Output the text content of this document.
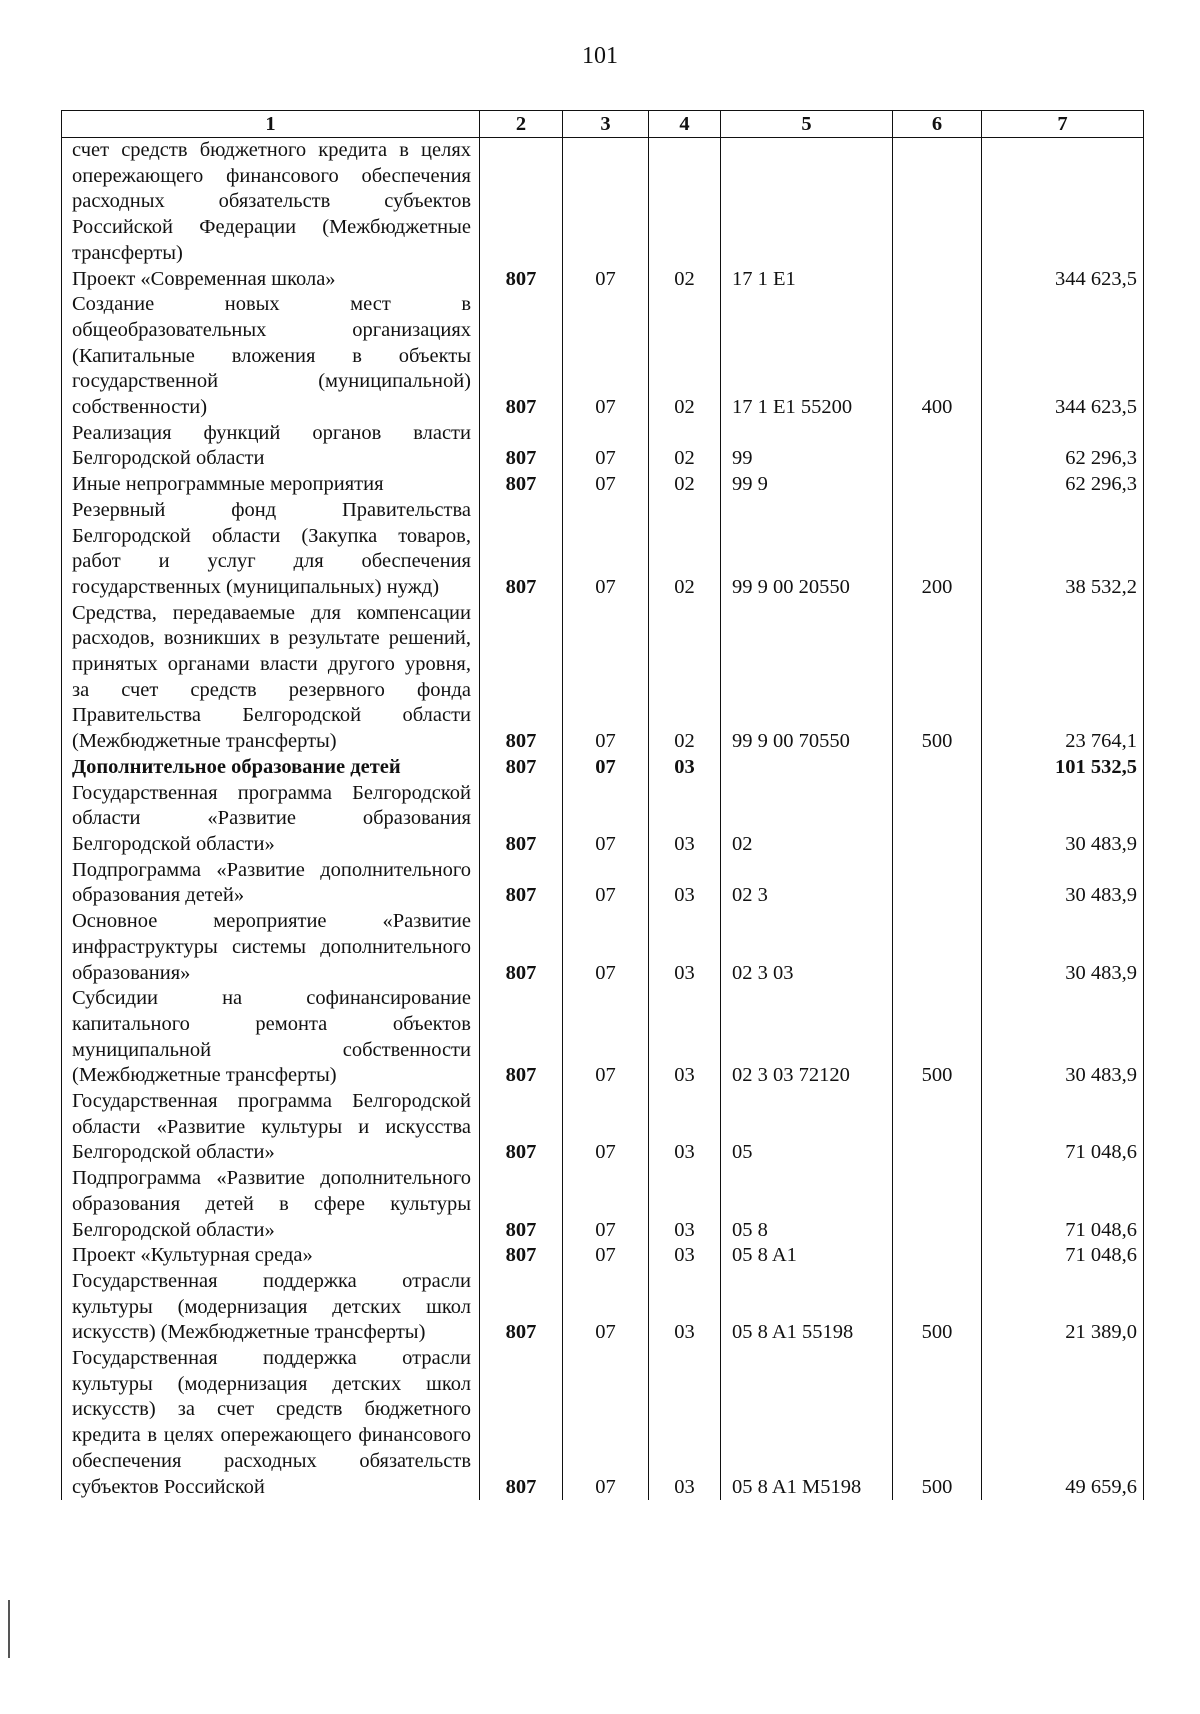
101
1	2	3	4	5	6	7
счет средств бюджетного кредита в целях опережающего финансового обеспечения расходных обязательств субъектов Российской Федерации (Межбюджетные трансферты)						
Проект «Современная школа»	807	07	02	17 1 E1		344 623,5
Создание новых мест в общеобразовательных организациях (Капитальные вложения в объекты государственной (муниципальной) собственности)	807	07	02	17 1 E1 55200	400	344 623,5
Реализация функций органов власти Белгородской области	807	07	02	99		62 296,3
Иные непрограммные мероприятия	807	07	02	99 9		62 296,3
Резервный фонд Правительства Белгородской области (Закупка товаров, работ и услуг для обеспечения государственных (муниципальных) нужд)	807	07	02	99 9 00 20550	200	38 532,2
Средства, передаваемые для компенсации расходов, возникших в результате решений, принятых органами власти другого уровня, за счет средств резервного фонда Правительства Белгородской области (Межбюджетные трансферты)	807	07	02	99 9 00 70550	500	23 764,1
Дополнительное образование детей	807	07	03			101 532,5
Государственная программа Белгородской области «Развитие образования Белгородской области»	807	07	03	02		30 483,9
Подпрограмма «Развитие дополнительного образования детей»	807	07	03	02 3		30 483,9
Основное мероприятие «Развитие инфраструктуры системы дополнительного образования»	807	07	03	02 3 03		30 483,9
Субсидии на софинансирование капитального ремонта объектов муниципальной собственности (Межбюджетные трансферты)	807	07	03	02 3 03 72120	500	30 483,9
Государственная программа Белгородской области «Развитие культуры и искусства Белгородской области»	807	07	03	05		71 048,6
Подпрограмма «Развитие дополнительного образования детей в сфере культуры Белгородской области»	807	07	03	05 8		71 048,6
Проект «Культурная среда»	807	07	03	05 8 A1		71 048,6
Государственная поддержка отрасли культуры (модернизация детских школ искусств) (Межбюджетные трансферты)	807	07	03	05 8 A1 55198	500	21 389,0
Государственная поддержка отрасли культуры (модернизация детских школ искусств) за счет средств бюджетного кредита в целях опережающего финансового обеспечения расходных обязательств субъектов Российской	807	07	03	05 8 A1 M5198	500	49 659,6
